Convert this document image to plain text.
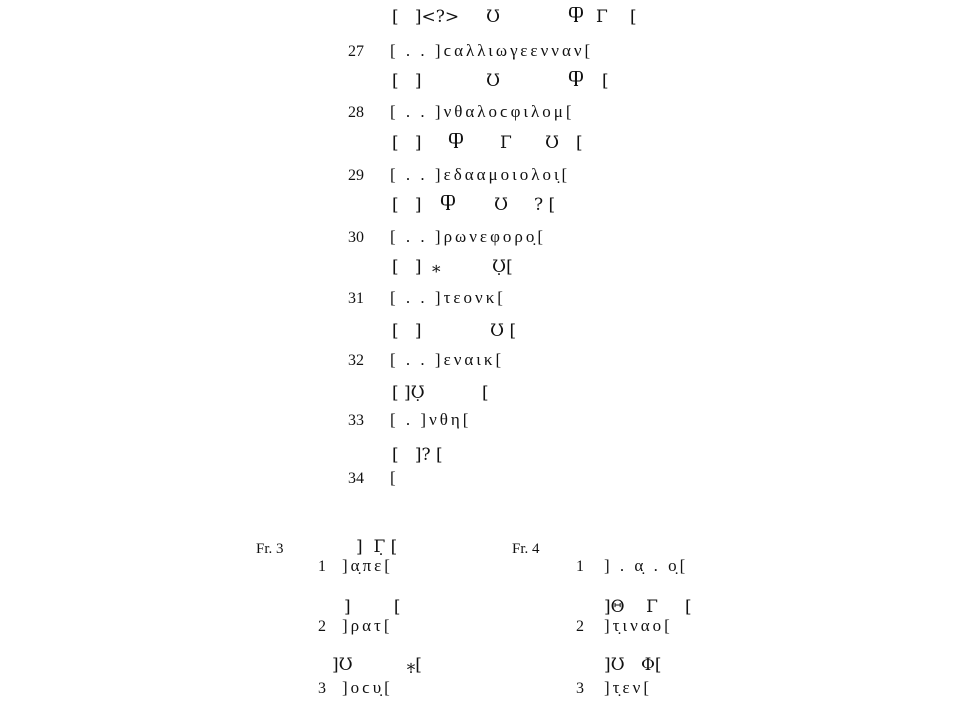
[   ]<?> Ʊ	Ⴔ Γ [
27 [ . . ]ϲαλλιωγεενναν[
[   ]	Ʊ	Ⴔ [
28 [ . . ]νθαλοϲφιλομ[
[   ] Ⴔ Γ Ʊ [
29 [ . . ]εδααμοιολοι̣[
[   ] Ⴔ Ʊ ? [
30 [ . . ]ρωνεφορο̣[
[   ] ⁎	Ʊ̣[
31 [ . . ]τεονκ[
[   ]	Ʊ [
32 [ . . ]εναικ[
[ ]Ʊ̣	[
33 [ . ]νθη[
[   ]? [
34 [
Fr. 3	]  Γ̣ [
1 ]α̣πε[
]        [
2 ]ρατ[
]Ʊ          ⁎̣[
3 ]οϲυ̣[
Fr. 4
1 ] . α̣ . ο̣[
]Θ    Γ     [
2 ]τ̣ιναο[
]Ʊ   Φ[
3 ]τ̣εν[
